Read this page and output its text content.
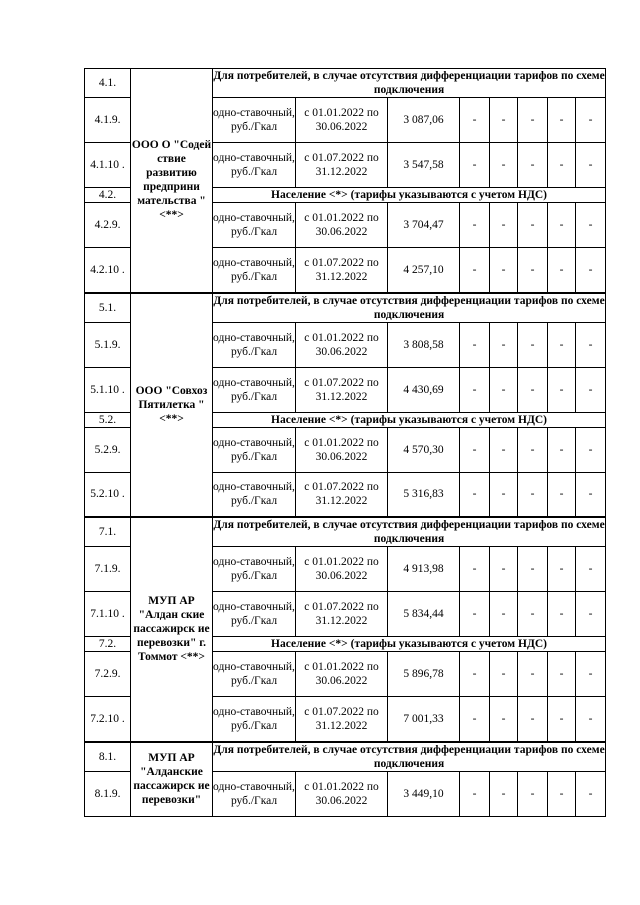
4.1.	ООО О "Содей ствие развитию предприни мательства " <**>	Для потребителей, в случае отсутствия дифференциации тарифов по схеме подключения							
4.1.9.		одно-ставочный, руб./Гкал	с 01.01.2022 по 30.06.2022	3 087,06	-	-	-	-	-
4.1.10 .		одно-ставочный, руб./Гкал	с 01.07.2022 по 31.12.2022	3 547,58	-	-	-	-	-
4.2.		Население <*> (тарифы указываются с учетом НДС)							
4.2.9.		одно-ставочный, руб./Гкал	с 01.01.2022 по 30.06.2022	3 704,47	-	-	-	-	-
4.2.10 .		одно-ставочный, руб./Гкал	с 01.07.2022 по 31.12.2022	4 257,10	-	-	-	-	-
5.1.	ООО "Совхоз Пятилетка " <**>	Для потребителей, в случае отсутствия дифференциации тарифов по схеме подключения							
5.1.9.		одно-ставочный, руб./Гкал	с 01.01.2022 по 30.06.2022	3 808,58	-	-	-	-	-
5.1.10 .		одно-ставочный, руб./Гкал	с 01.07.2022 по 31.12.2022	4 430,69	-	-	-	-	-
5.2.		Население <*> (тарифы указываются с учетом НДС)							
5.2.9.		одно-ставочный, руб./Гкал	с 01.01.2022 по 30.06.2022	4 570,30	-	-	-	-	-
5.2.10 .		одно-ставочный, руб./Гкал	с 01.07.2022 по 31.12.2022	5 316,83	-	-	-	-	-
7.1.	МУП АР "Алдан ские пассажирск ие перевозки" г. Томмот <**>	Для потребителей, в случае отсутствия дифференциации тарифов по схеме подключения							
7.1.9.		одно-ставочный, руб./Гкал	с 01.01.2022 по 30.06.2022	4 913,98	-	-	-	-	-
7.1.10 .		одно-ставочный, руб./Гкал	с 01.07.2022 по 31.12.2022	5 834,44	-	-	-	-	-
7.2.		Население <*> (тарифы указываются с учетом НДС)							
7.2.9.		одно-ставочный, руб./Гкал	с 01.01.2022 по 30.06.2022	5 896,78	-	-	-	-	-
7.2.10 .		одно-ставочный, руб./Гкал	с 01.07.2022 по 31.12.2022	7 001,33	-	-	-	-	-
8.1.	МУП АР "Алданские пассажирск ие перевозки"	Для потребителей, в случае отсутствия дифференциации тарифов по схеме подключения							
8.1.9.		одно-ставочный, руб./Гкал	с 01.01.2022 по 30.06.2022	3 449,10	-	-	-	-	-
